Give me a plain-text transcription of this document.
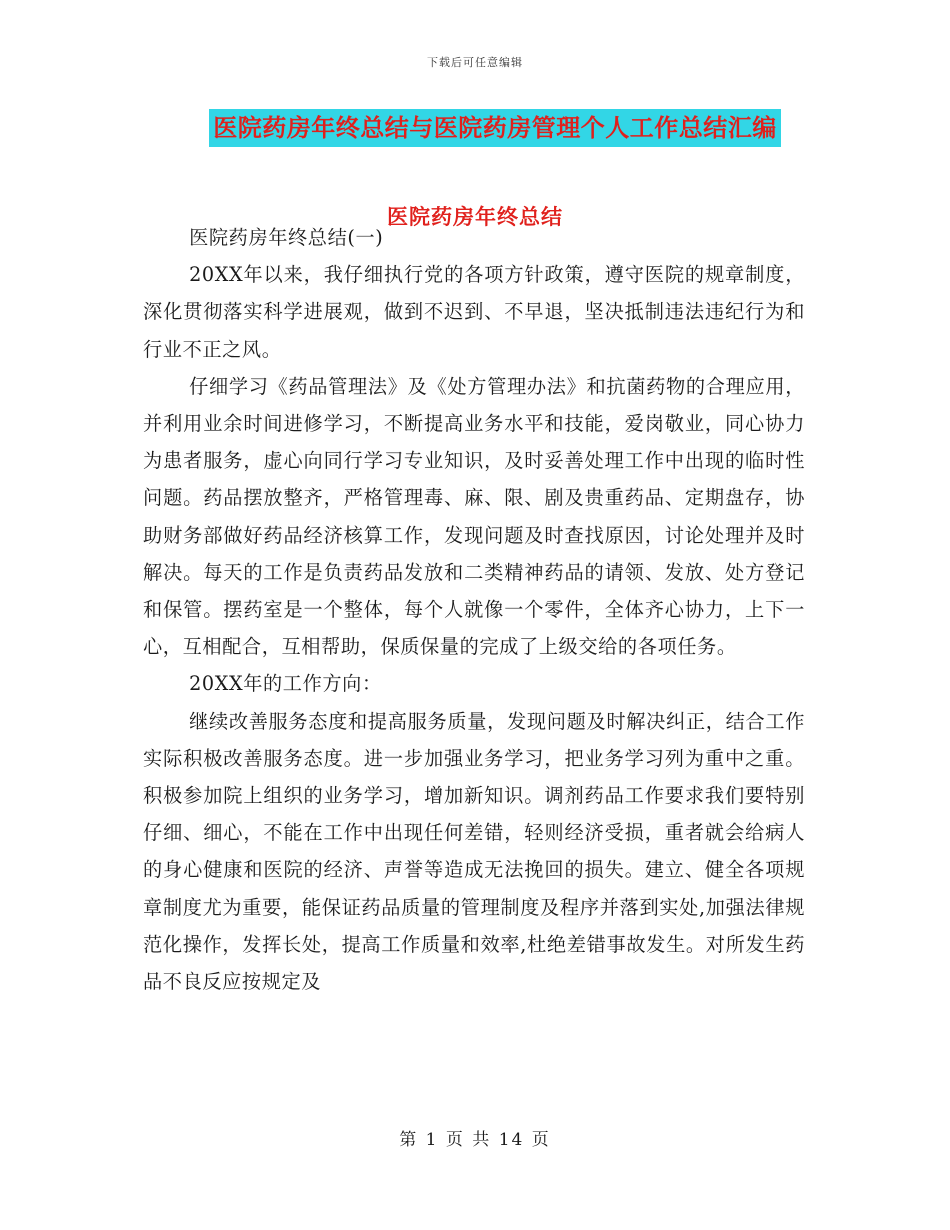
下载后可任意编辑
医院药房年终总结与医院药房管理个人工作总结汇编
医院药房年终总结

医院药房年终总结(一)

20XX年以来，我仔细执行党的各项方针政策，遵守医院的规章制度，深化贯彻落实科学进展观，做到不迟到、不早退，坚决抵制违法违纪行为和行业不正之风。

仔细学习《药品管理法》及《处方管理办法》和抗菌药物的合理应用，并利用业余时间进修学习，不断提高业务水平和技能，爱岗敬业，同心协力为患者服务，虚心向同行学习专业知识，及时妥善处理工作中出现的临时性问题。药品摆放整齐，严格管理毒、麻、限、剧及贵重药品、定期盘存，协助财务部做好药品经济核算工作，发现问题及时查找原因，讨论处理并及时解决。每天的工作是负责药品发放和二类精神药品的请领、发放、处方登记和保管。摆药室是一个整体，每个人就像一个零件，全体齐心协力，上下一心，互相配合，互相帮助，保质保量的完成了上级交给的各项任务。

20XX年的工作方向：

继续改善服务态度和提高服务质量，发现问题及时解决纠正，结合工作实际积极改善服务态度。进一步加强业务学习，把业务学习列为重中之重。积极参加院上组织的业务学习，增加新知识。调剂药品工作要求我们要特别仔细、细心，不能在工作中出现任何差错，轻则经济受损，重者就会给病人的身心健康和医院的经济、声誉等造成无法挽回的损失。建立、健全各项规章制度尤为重要，能保证药品质量的管理制度及程序并落到实处,加强法律规范化操作，发挥长处，提高工作质量和效率,杜绝差错事故发生。对所发生药品不良反应按规定及

第 1 页 共 14 页
